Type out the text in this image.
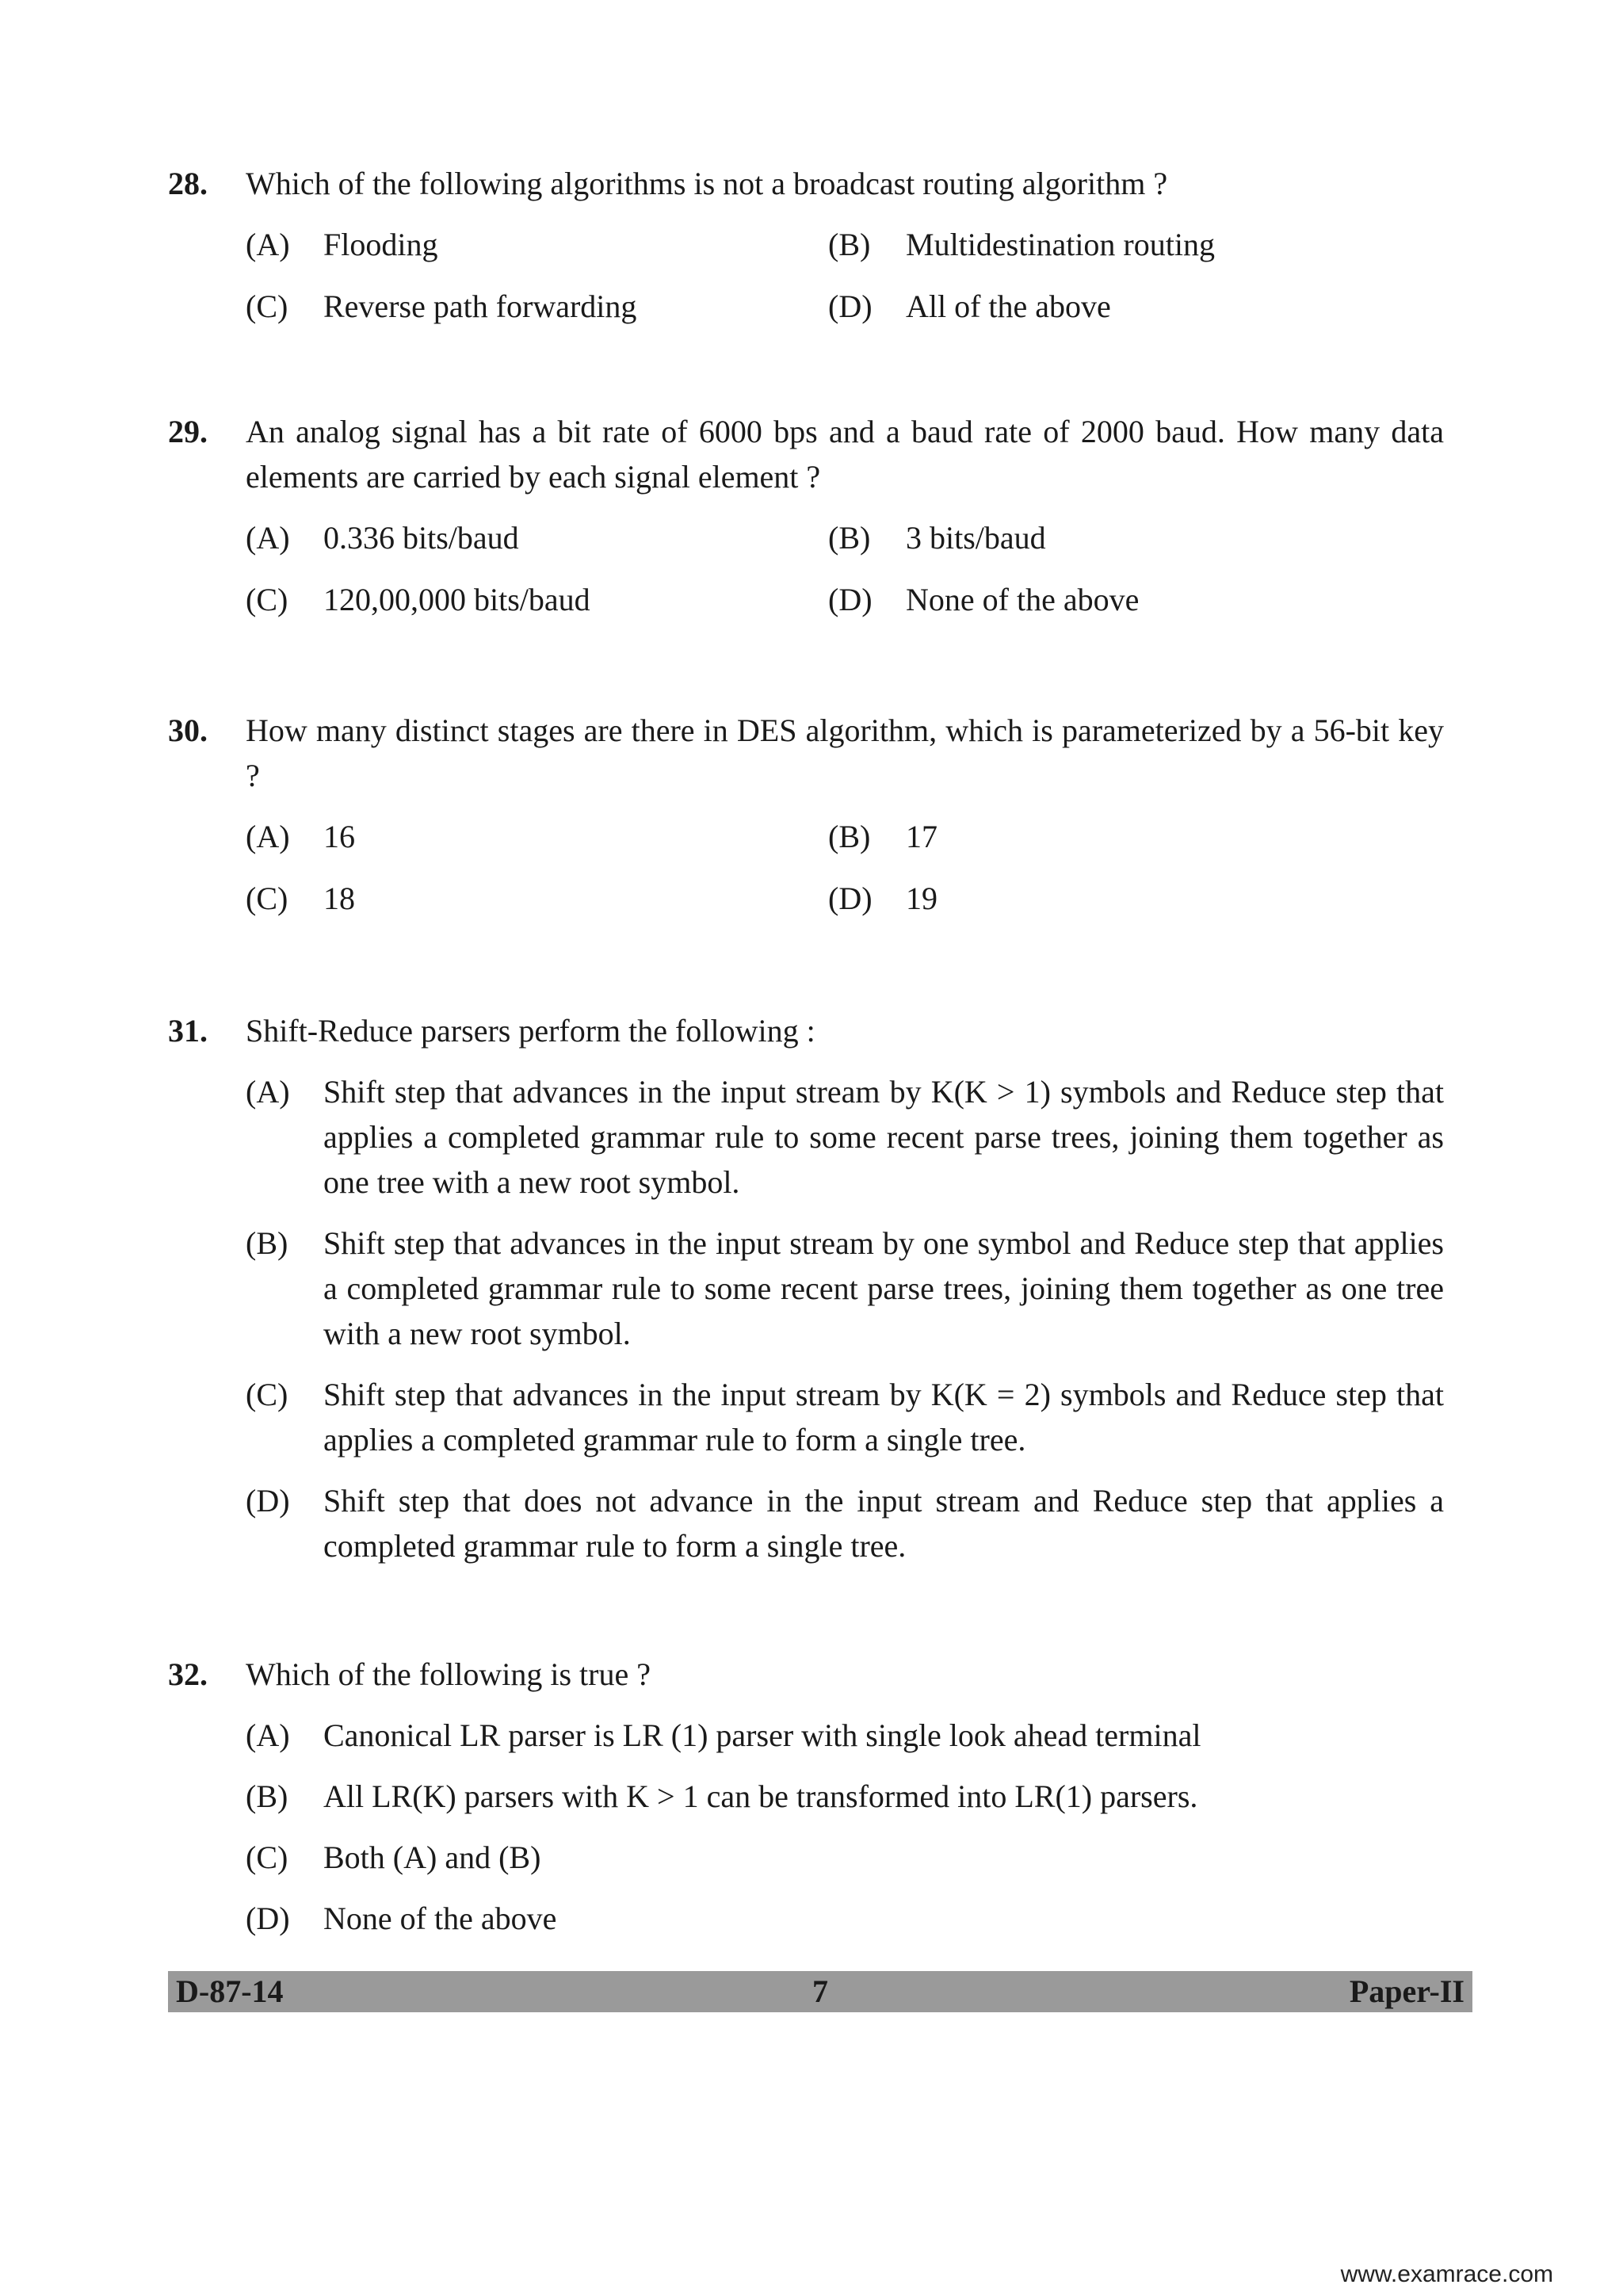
28.	Which of the following algorithms is not a broadcast routing algorithm ?
(A)	Flooding	(B)	Multidestination routing
(C)	Reverse path forwarding	(D)	All of the above
29.	An analog signal has a bit rate of 6000 bps and a baud rate of 2000 baud. How many data elements are carried by each signal element ?
(A)	0.336 bits/baud	(B)	3 bits/baud
(C)	120,00,000 bits/baud	(D)	None of the above
30.	How many distinct stages are there in DES algorithm, which is parameterized by a 56-bit key ?
(A)	16	(B)	17
(C)	18	(D)	19
31.	Shift-Reduce parsers perform the following :
(A)	Shift step that advances in the input stream by K(K > 1) symbols and Reduce step that applies a completed grammar rule to some recent parse trees, joining them together as one tree with a new root symbol.
(B)	Shift step that advances in the input stream by one symbol and Reduce step that applies a completed grammar rule to some recent parse trees, joining them together as one tree with a new root symbol.
(C)	Shift step that advances in the input stream by K(K = 2) symbols and Reduce step that applies a completed grammar rule to form a single tree.
(D)	Shift step that does not advance in the input stream and Reduce step that applies a completed grammar rule to form a single tree.
32.	Which of the following is true ?
(A)	Canonical LR parser is LR (1) parser with single look ahead terminal
(B)	All LR(K) parsers with K > 1 can be transformed into LR(1) parsers.
(C)	Both (A) and (B)
(D)	None of the above
D-87-14	7	Paper-II
www.examrace.com
